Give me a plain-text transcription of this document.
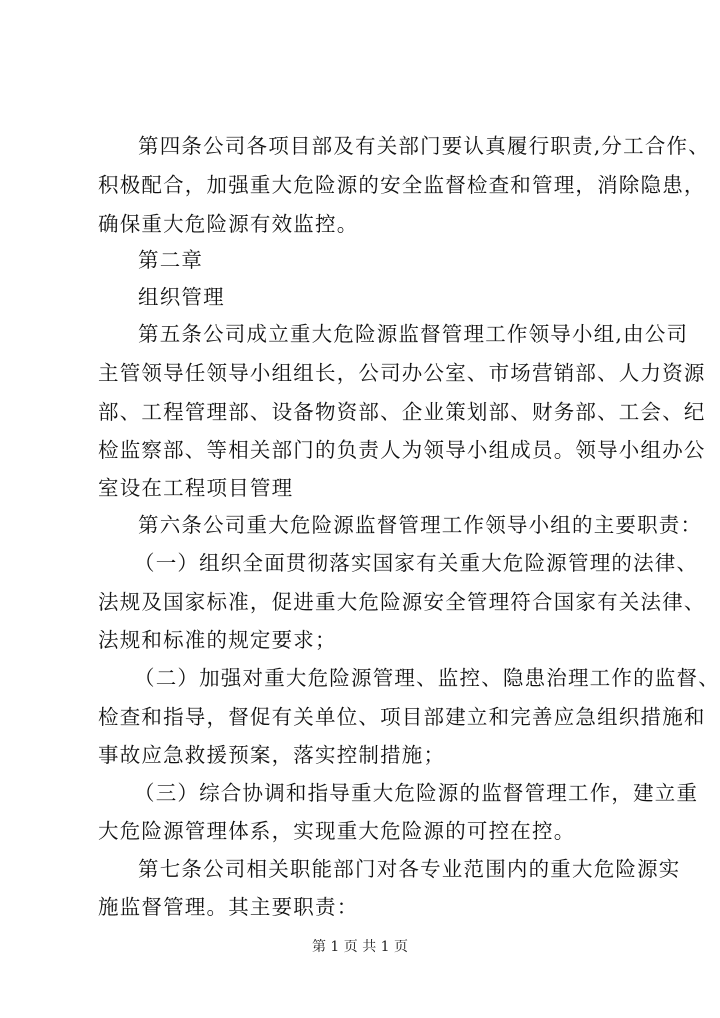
第四条公司各项目部及有关部门要认真履行职责,分工合作、
积极配合，加强重大危险源的安全监督检查和管理，消除隐患，
确保重大危险源有效监控。
第二章
组织管理
第五条公司成立重大危险源监督管理工作领导小组,由公司
主管领导任领导小组组长，公司办公室、市场营销部、人力资源
部、工程管理部、设备物资部、企业策划部、财务部、工会、纪
检监察部、等相关部门的负责人为领导小组成员。领导小组办公
室设在工程项目管理
第六条公司重大危险源监督管理工作领导小组的主要职责：
（一）组织全面贯彻落实国家有关重大危险源管理的法律、
法规及国家标准，促进重大危险源安全管理符合国家有关法律、
法规和标准的规定要求；
（二）加强对重大危险源管理、监控、隐患治理工作的监督、
检查和指导，督促有关单位、项目部建立和完善应急组织措施和
事故应急救援预案，落实控制措施；
（三）综合协调和指导重大危险源的监督管理工作，建立重
大危险源管理体系，实现重大危险源的可控在控。
第七条公司相关职能部门对各专业范围内的重大危险源实
施监督管理。其主要职责：
第 1 页 共 1 页
